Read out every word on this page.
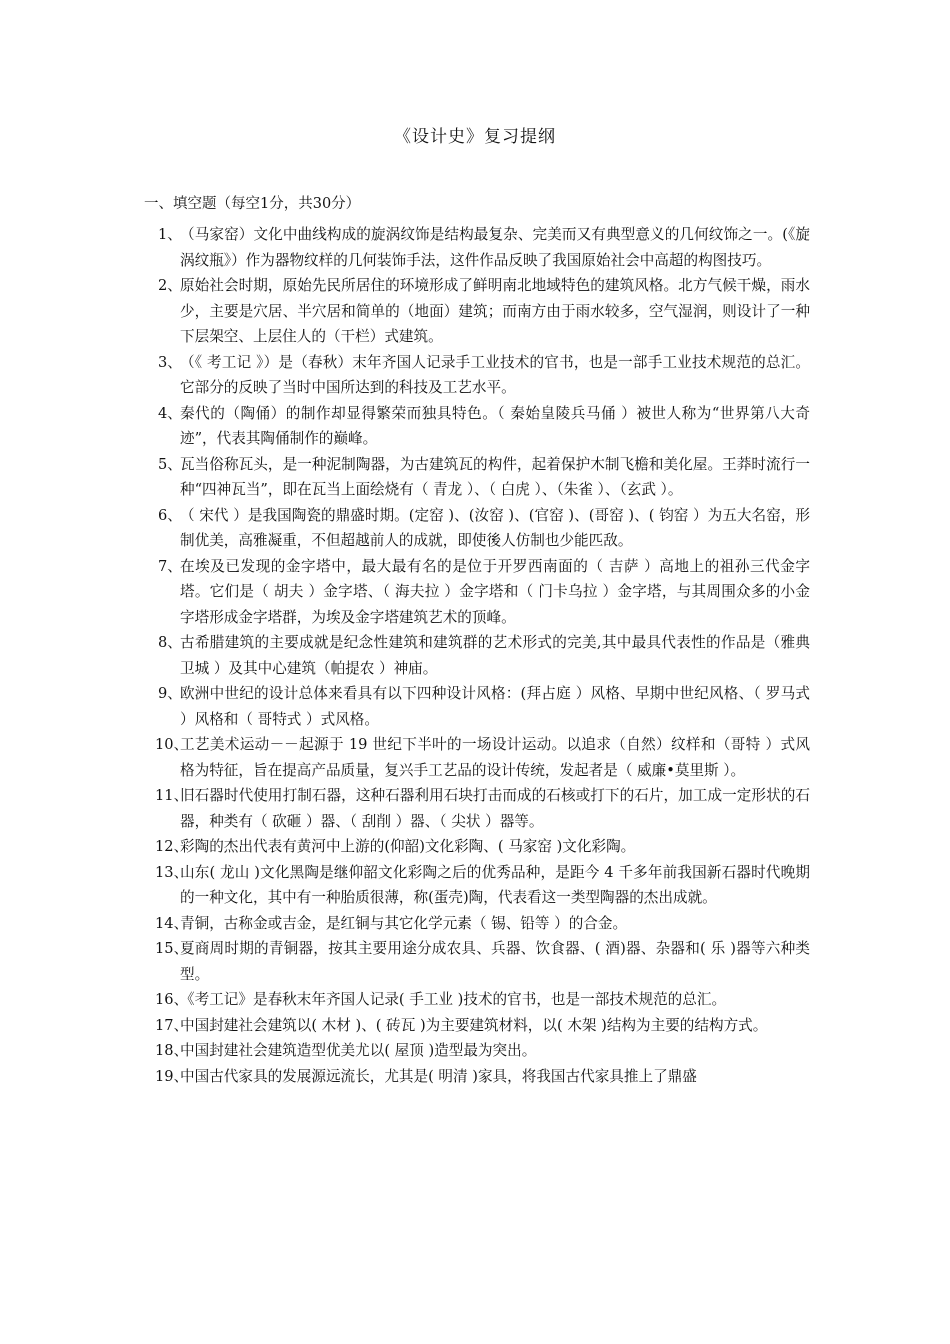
《设计史》复习提纲
一、填空题（每空1分，共30分）
1、
（马家窑）文化中曲线构成的旋涡纹饰是结构最复杂、完美而又有典型意义的几何纹饰之一。(《旋涡纹瓶》）作为器物纹样的几何装饰手法，这件作品反映了我国原始社会中高超的构图技巧。
2、
原始社会时期，原始先民所居住的环境形成了鲜明南北地域特色的建筑风格。北方气候干燥，雨水少，主要是穴居、半穴居和简单的（地面）建筑；而南方由于雨水较多，空气湿润，则设计了一种下层架空、上层住人的（干栏）式建筑。
3、
（《 考工记 》）是（春秋）末年齐国人记录手工业技术的官书，也是一部手工业技术规范的总汇。它部分的反映了当时中国所达到的科技及工艺水平。
4、
秦代的（陶俑）的制作却显得繁荣而独具特色。（ 秦始皇陵兵马俑 ）被世人称为“世界第八大奇迹”，代表其陶俑制作的巅峰。
5、
瓦当俗称瓦头，是一种泥制陶器，为古建筑瓦的构件，起着保护木制飞檐和美化屋。王莽时流行一种“四神瓦当”，即在瓦当上面绘烧有（ 青龙 ）、（ 白虎 ）、（朱雀 ）、（玄武 ）。
6、
（ 宋代 ）是我国陶瓷的鼎盛时期。(定窑 )、(汝窑 )、(官窑 )、(哥窑 )、( 钧窑 ）为五大名窑，形制优美，高雅凝重，不但超越前人的成就，即使後人仿制也少能匹敌。
7、
在埃及已发现的金字塔中，最大最有名的是位于开罗西南面的（ 吉萨 ）高地上的祖孙三代金字塔。它们是（ 胡夫 ）金字塔、（ 海夫拉 ）金字塔和（ 门卡乌拉 ）金字塔，与其周围众多的小金字塔形成金字塔群，为埃及金字塔建筑艺术的顶峰。
8、
古希腊建筑的主要成就是纪念性建筑和建筑群的艺术形式的完美,其中最具代表性的作品是（雅典卫城 ）及其中心建筑（帕提农 ）神庙。
9、
欧洲中世纪的设计总体来看具有以下四种设计风格：(拜占庭 ）风格、早期中世纪风格、（ 罗马式 ）风格和（ 哥特式 ）式风格。
10、
工艺美术运动－－起源于 19 世纪下半叶的一场设计运动。以追求（自然）纹样和（哥特 ）式风格为特征，旨在提高产品质量，复兴手工艺品的设计传统，发起者是（ 威廉•莫里斯 ）。
11、
旧石器时代使用打制石器，这种石器利用石块打击而成的石核或打下的石片，加工成一定形状的石器，种类有（ 砍砸 ）器、（ 刮削 ）器、（ 尖状 ）器等。
12、
彩陶的杰出代表有黄河中上游的(仰韶)文化彩陶、( 马家窑 )文化彩陶。
13、
山东( 龙山 )文化黑陶是继仰韶文化彩陶之后的优秀品种，是距今 4 千多年前我国新石器时代晚期的一种文化，其中有一种胎质很薄，称(蛋壳)陶，代表看这一类型陶器的杰出成就。
14、
青铜，古称金或吉金，是红铜与其它化学元素（ 锡、铅等 ）的合金。
15、
夏商周时期的青铜器，按其主要用途分成农具、兵器、饮食器、( 酒)器、杂器和( 乐 )器等六种类型。
16、
《考工记》是春秋末年齐国人记录( 手工业 )技术的官书，也是一部技术规范的总汇。
17、
中国封建社会建筑以( 木材 )、( 砖瓦 )为主要建筑材料，以( 木架 )结构为主要的结构方式。
18、
中国封建社会建筑造型优美尤以( 屋顶 )造型最为突出。
19、
中国古代家具的发展源远流长，尤其是( 明清 )家具，将我国古代家具推上了鼎盛
